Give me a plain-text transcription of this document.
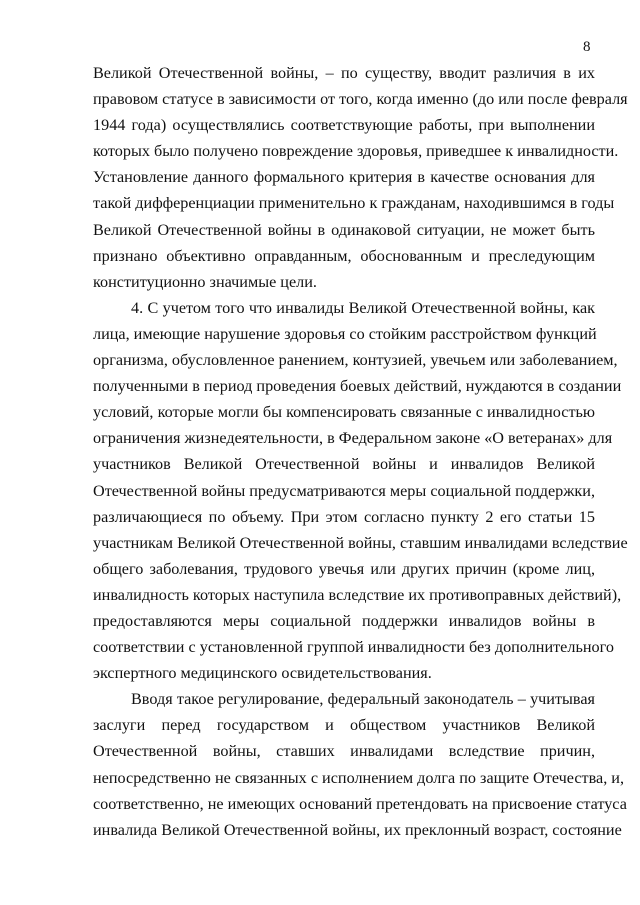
8
Великой Отечественной войны, – по существу, вводит различия в их
правовом статусе в зависимости от того, когда именно (до или после февраля
1944 года) осуществлялись соответствующие работы, при выполнении
которых было получено повреждение здоровья, приведшее к инвалидности.
Установление данного формального критерия в качестве основания для
такой дифференциации применительно к гражданам, находившимся в годы
Великой Отечественной войны в одинаковой ситуации, не может быть
признано объективно оправданным, обоснованным и преследующим
конституционно значимые цели.
4. С учетом того что инвалиды Великой Отечественной войны, как
лица, имеющие нарушение здоровья со стойким расстройством функций
организма, обусловленное ранением, контузией, увечьем или заболеванием,
полученными в период проведения боевых действий, нуждаются в создании
условий, которые могли бы компенсировать связанные с инвалидностью
ограничения жизнедеятельности, в Федеральном законе «О ветеранах» для
участников Великой Отечественной войны и инвалидов Великой
Отечественной войны предусматриваются меры социальной поддержки,
различающиеся по объему. При этом согласно пункту 2 его статьи 15
участникам Великой Отечественной войны, ставшим инвалидами вследствие
общего заболевания, трудового увечья или других причин (кроме лиц,
инвалидность которых наступила вследствие их противоправных действий),
предоставляются меры социальной поддержки инвалидов войны в
соответствии с установленной группой инвалидности без дополнительного
экспертного медицинского освидетельствования.
Вводя такое регулирование, федеральный законодатель – учитывая
заслуги перед государством и обществом участников Великой
Отечественной войны, ставших инвалидами вследствие причин,
непосредственно не связанных с исполнением долга по защите Отечества, и,
соответственно, не имеющих оснований претендовать на присвоение статуса
инвалида Великой Отечественной войны, их преклонный возраст, состояние
